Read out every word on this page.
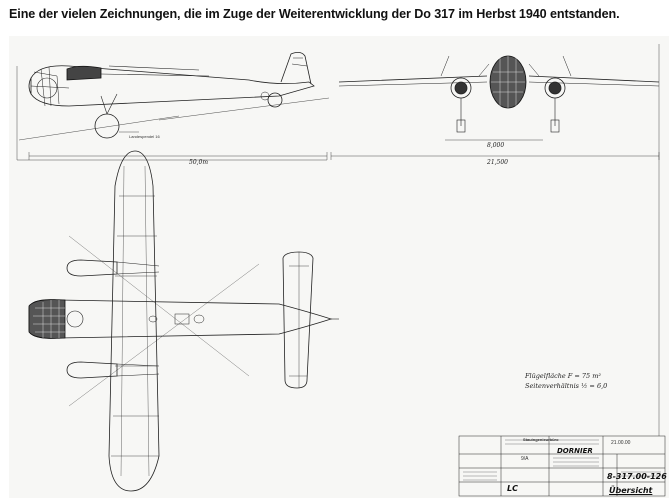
Eine der vielen Zeichnungen, die im Zuge der Weiterentwicklung der Do 317 im Herbst 1940 entstanden.
50,0m	21,500
8,000
Landespendel 16
Flügelfläche F = 75 m²
Seitenverhältnis ½ = 6,0
Stauingenieurbüro
DORNIER
9/A
21.00.00
LC
8-317.00-126
Übersicht
